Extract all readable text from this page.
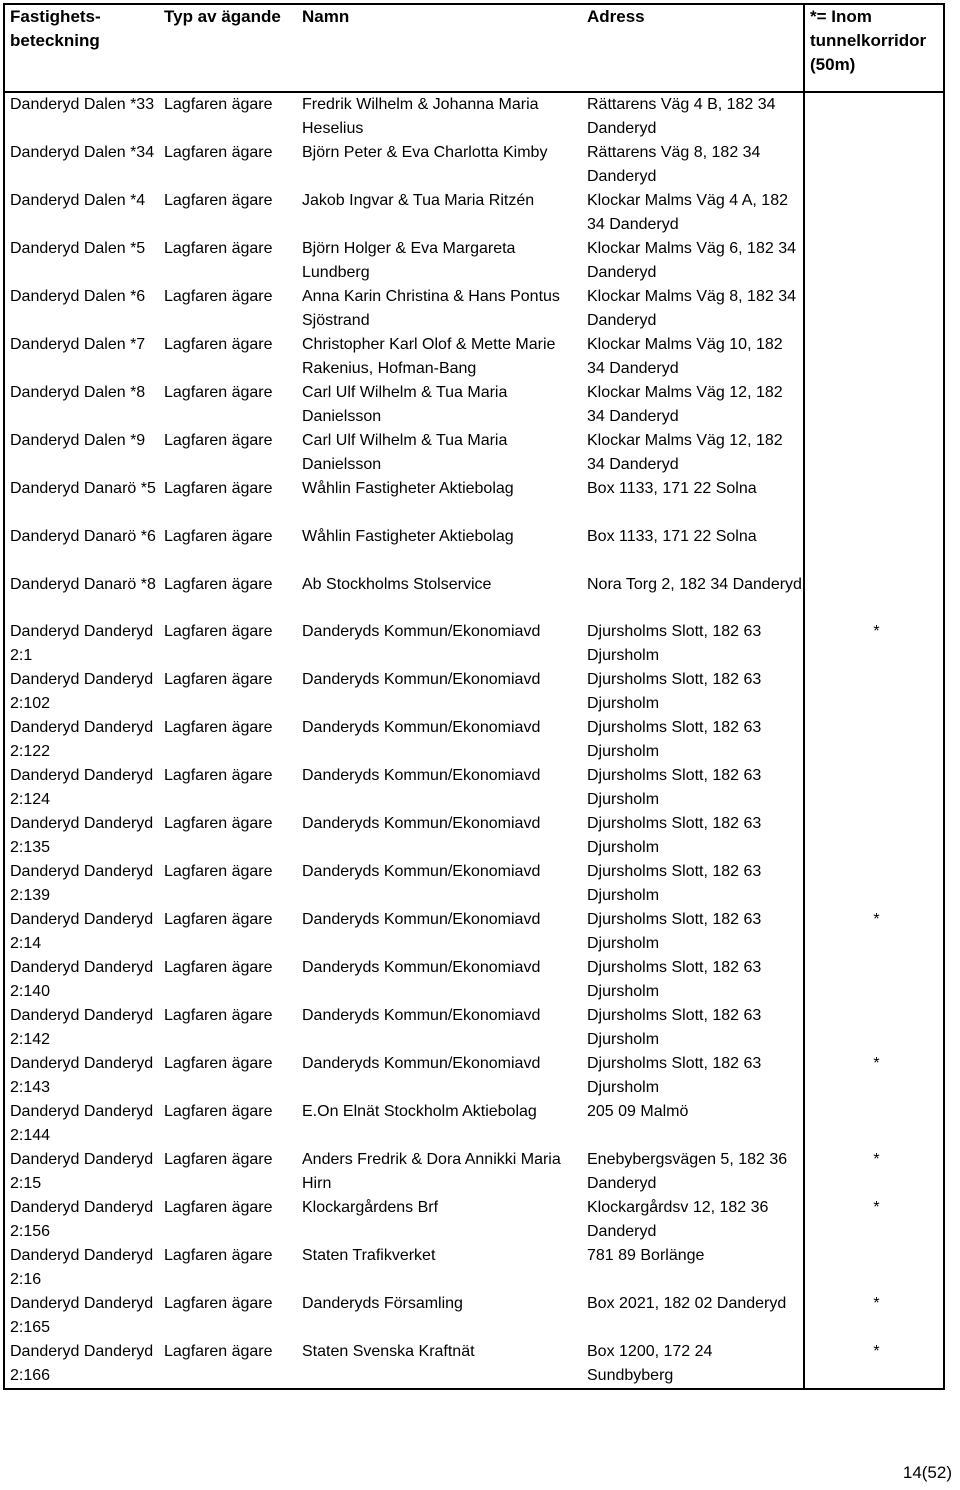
Fastighets-
beteckning	Typ av ägande	Namn	Adress	*= Inom tunnelkorridor (50m)
Danderyd Dalen *33	Lagfaren ägare	Fredrik Wilhelm & Johanna Maria Heselius	Rättarens Väg 4 B, 182 34 Danderyd	
Danderyd Dalen *34	Lagfaren ägare	Björn Peter & Eva Charlotta Kimby	Rättarens Väg 8, 182 34 Danderyd	
Danderyd Dalen *4	Lagfaren ägare	Jakob Ingvar & Tua Maria Ritzén	Klockar Malms Väg 4 A, 182 34 Danderyd	
Danderyd Dalen *5	Lagfaren ägare	Björn Holger & Eva Margareta Lundberg	Klockar Malms Väg 6, 182 34 Danderyd	
Danderyd Dalen *6	Lagfaren ägare	Anna Karin Christina & Hans Pontus Sjöstrand	Klockar Malms Väg 8, 182 34 Danderyd	
Danderyd Dalen *7	Lagfaren ägare	Christopher Karl Olof & Mette Marie Rakenius, Hofman-Bang	Klockar Malms Väg 10, 182 34 Danderyd	
Danderyd Dalen *8	Lagfaren ägare	Carl Ulf Wilhelm & Tua Maria Danielsson	Klockar Malms Väg 12, 182 34 Danderyd	
Danderyd Dalen *9	Lagfaren ägare	Carl Ulf Wilhelm & Tua Maria Danielsson	Klockar Malms Väg 12, 182 34 Danderyd	
Danderyd Danarö *5	Lagfaren ägare	Wåhlin Fastigheter Aktiebolag	Box 1133, 171 22 Solna	
Danderyd Danarö *6	Lagfaren ägare	Wåhlin Fastigheter Aktiebolag	Box 1133, 171 22 Solna	
Danderyd Danarö *8	Lagfaren ägare	Ab Stockholms Stolservice	Nora Torg 2, 182 34 Danderyd	
Danderyd Danderyd 2:1	Lagfaren ägare	Danderyds Kommun/Ekonomiavd	Djursholms Slott, 182 63 Djursholm	*
Danderyd Danderyd 2:102	Lagfaren ägare	Danderyds Kommun/Ekonomiavd	Djursholms Slott, 182 63 Djursholm	
Danderyd Danderyd 2:122	Lagfaren ägare	Danderyds Kommun/Ekonomiavd	Djursholms Slott, 182 63 Djursholm	
Danderyd Danderyd 2:124	Lagfaren ägare	Danderyds Kommun/Ekonomiavd	Djursholms Slott, 182 63 Djursholm	
Danderyd Danderyd 2:135	Lagfaren ägare	Danderyds Kommun/Ekonomiavd	Djursholms Slott, 182 63 Djursholm	
Danderyd Danderyd 2:139	Lagfaren ägare	Danderyds Kommun/Ekonomiavd	Djursholms Slott, 182 63 Djursholm	
Danderyd Danderyd 2:14	Lagfaren ägare	Danderyds Kommun/Ekonomiavd	Djursholms Slott, 182 63 Djursholm	*
Danderyd Danderyd 2:140	Lagfaren ägare	Danderyds Kommun/Ekonomiavd	Djursholms Slott, 182 63 Djursholm	
Danderyd Danderyd 2:142	Lagfaren ägare	Danderyds Kommun/Ekonomiavd	Djursholms Slott, 182 63 Djursholm	
Danderyd Danderyd 2:143	Lagfaren ägare	Danderyds Kommun/Ekonomiavd	Djursholms Slott, 182 63 Djursholm	*
Danderyd Danderyd 2:144	Lagfaren ägare	E.On Elnät Stockholm Aktiebolag	205 09 Malmö	
Danderyd Danderyd 2:15	Lagfaren ägare	Anders Fredrik & Dora Annikki Maria Hirn	Enebybergsvägen 5, 182 36 Danderyd	*
Danderyd Danderyd 2:156	Lagfaren ägare	Klockargårdens Brf	Klockargårdsv 12, 182 36 Danderyd	*
Danderyd Danderyd 2:16	Lagfaren ägare	Staten Trafikverket	781 89 Borlänge	
Danderyd Danderyd 2:165	Lagfaren ägare	Danderyds Församling	Box 2021, 182 02 Danderyd	*
Danderyd Danderyd 2:166	Lagfaren ägare	Staten Svenska Kraftnät	Box 1200, 172 24 Sundbyberg	*
14(52)
